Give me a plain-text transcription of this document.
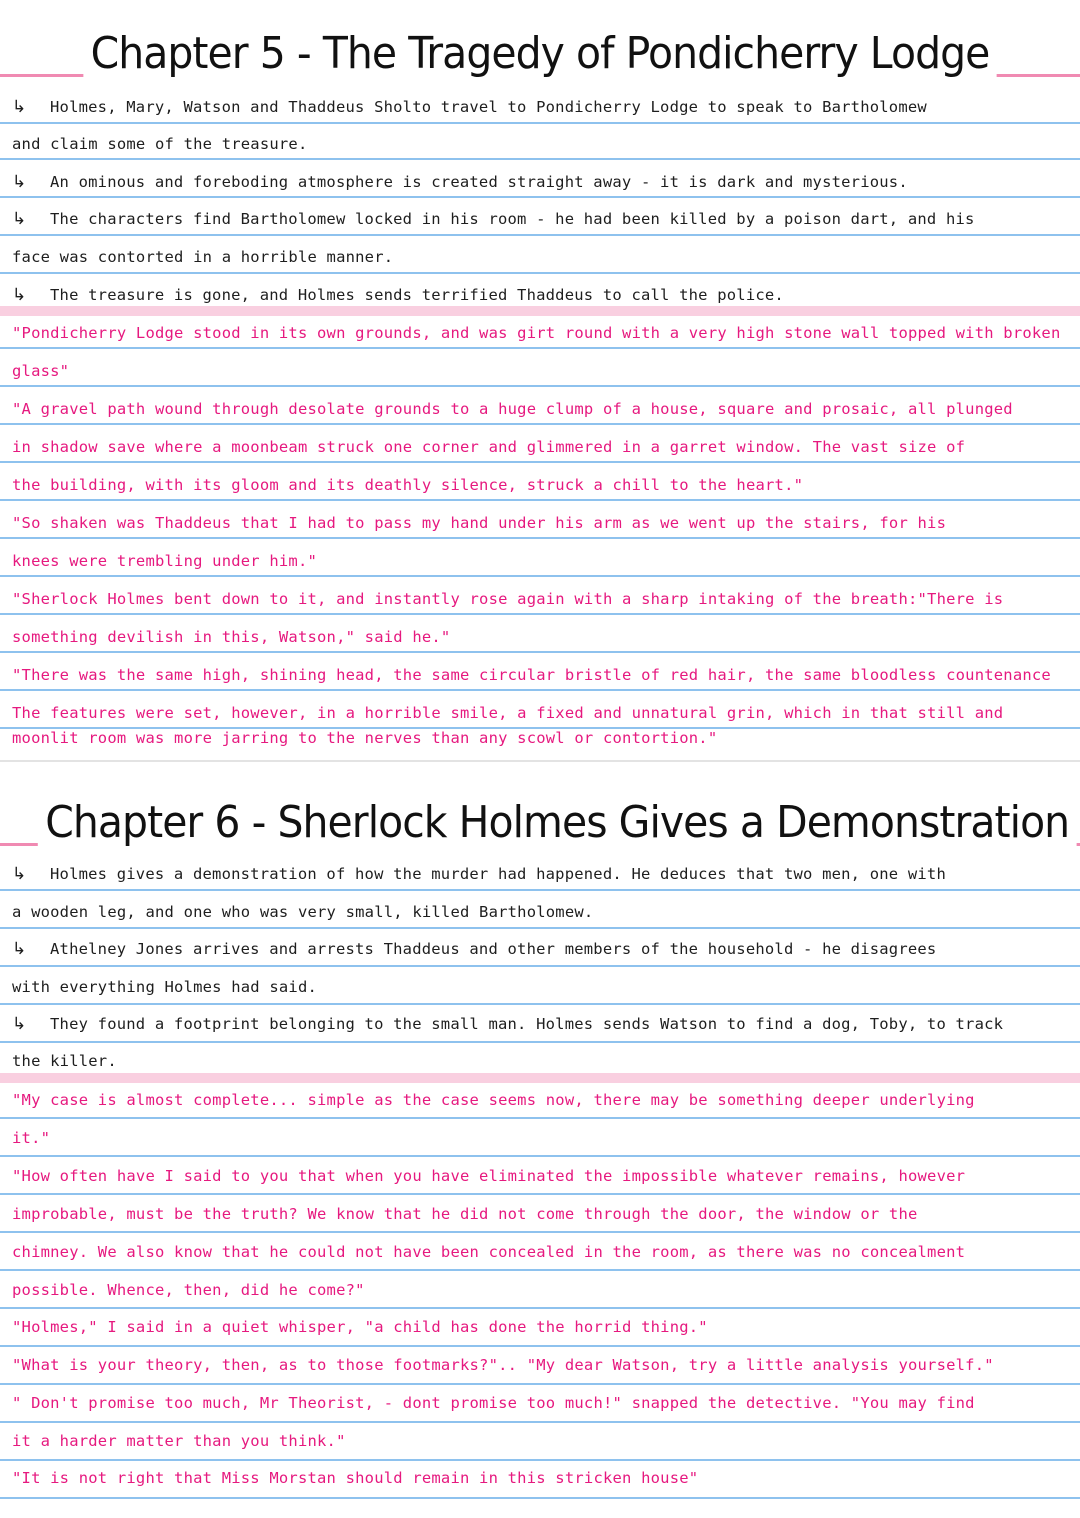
Chapter 5 - The Tragedy of Pondicherry Lodge
↳ Holmes, Mary, Watson and Thaddeus Sholto travel to Pondicherry Lodge to speak to Bartholomew
and claim some of the treasure.
↳ An ominous and foreboding atmosphere is created straight away - it is dark and mysterious.
↳ The characters find Bartholomew locked in his room - he had been killed by a poison dart, and his
face was contorted in a horrible manner.
↳ The treasure is gone, and Holmes sends terrified Thaddeus to call the police.
"Pondicherry Lodge stood in its own grounds, and was girt round with a very high stone wall topped with broken
glass"
"A gravel path wound through desolate grounds to a huge clump of a house, square and prosaic, all plunged
in shadow save where a moonbeam struck one corner and glimmered in a garret window. The vast size of
the building, with its gloom and its deathly silence, struck a chill to the heart."
"So shaken was Thaddeus that I had to pass my hand under his arm as we went up the stairs, for his
knees were trembling under him."
"Sherlock Holmes bent down to it, and instantly rose again with a sharp intaking of the breath:"There is
something devilish in this, Watson," said he."
"There was the same high, shining head, the same circular bristle of red hair, the same bloodless countenance
The features were set, however, in a horrible smile, a fixed and unnatural grin, which in that still and
moonlit room was more jarring to the nerves than any scowl or contortion."
Chapter 6 - Sherlock Holmes Gives a Demonstration
↳ Holmes gives a demonstration of how the murder had happened. He deduces that two men, one with
a wooden leg, and one who was very small, killed Bartholomew.
↳ Athelney Jones arrives and arrests Thaddeus and other members of the household - he disagrees
with everything Holmes had said.
↳ They found a footprint belonging to the small man. Holmes sends Watson to find a dog, Toby, to track
the killer.
"My case is almost complete... simple as the case seems now, there may be something deeper underlying
it."
"How often have I said to you that when you have eliminated the impossible whatever remains, however
improbable, must be the truth? We know that he did not come through the door, the window or the
chimney. We also know that he could not have been concealed in the room, as there was no concealment
possible. Whence, then, did he come?"
"Holmes," I said in a quiet whisper, "a child has done the horrid thing."
"What is your theory, then, as to those footmarks?".. "My dear Watson, try a little analysis yourself."
" Don't promise too much, Mr Theorist, - dont promise too much!" snapped the detective. "You may find
it a harder matter than you think."
"It is not right that Miss Morstan should remain in this stricken house"
